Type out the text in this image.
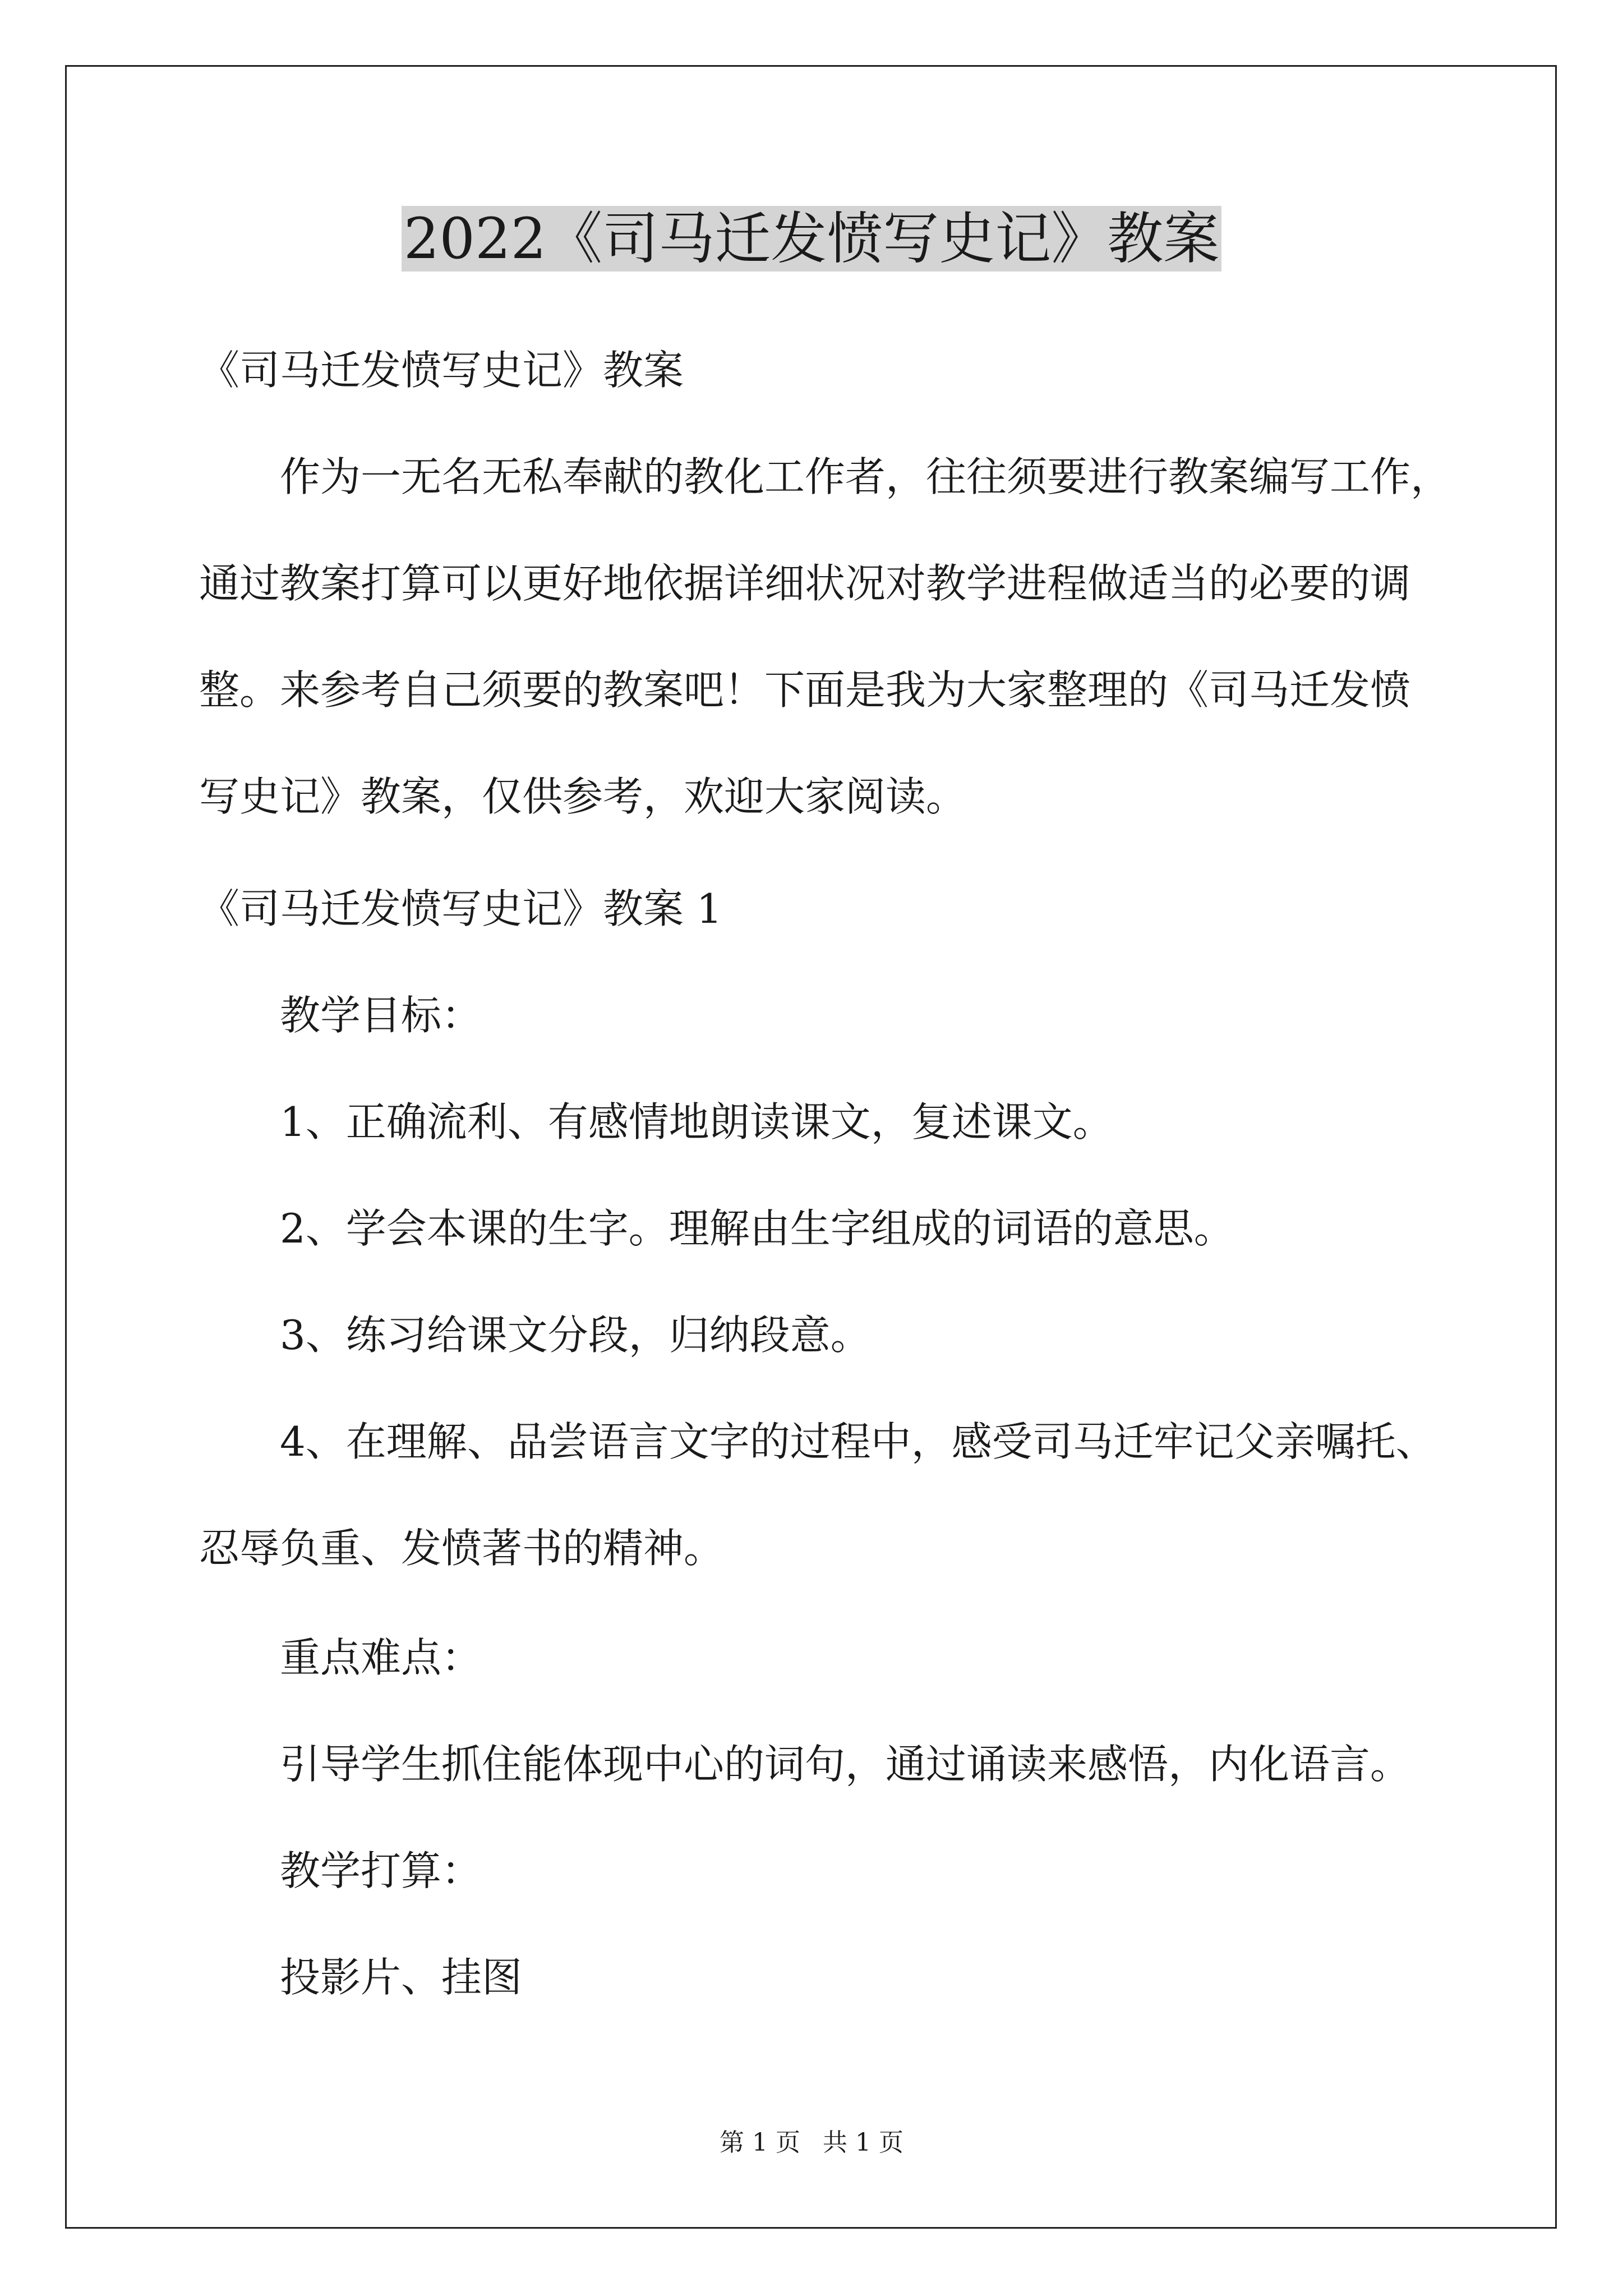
2022《司马迁发愤写史记》教案

《司马迁发愤写史记》教案

作为一无名无私奉献的教化工作者，往往须要进行教案编写工作，
通过教案打算可以更好地依据详细状况对教学进程做适当的必要的调
整。来参考自己须要的教案吧！下面是我为大家整理的《司马迁发愤
写史记》教案，仅供参考，欢迎大家阅读。

《司马迁发愤写史记》教案 1

教学目标：

1、正确流利、有感情地朗读课文，复述课文。

2、学会本课的生字。理解由生字组成的词语的意思。

3、练习给课文分段，归纳段意。

4、在理解、品尝语言文字的过程中，感受司马迁牢记父亲嘱托、
忍辱负重、发愤著书的精神。

重点难点：

引导学生抓住能体现中心的词句，通过诵读来感悟，内化语言。

教学打算：

投影片、挂图

第 1 页 共 1 页
